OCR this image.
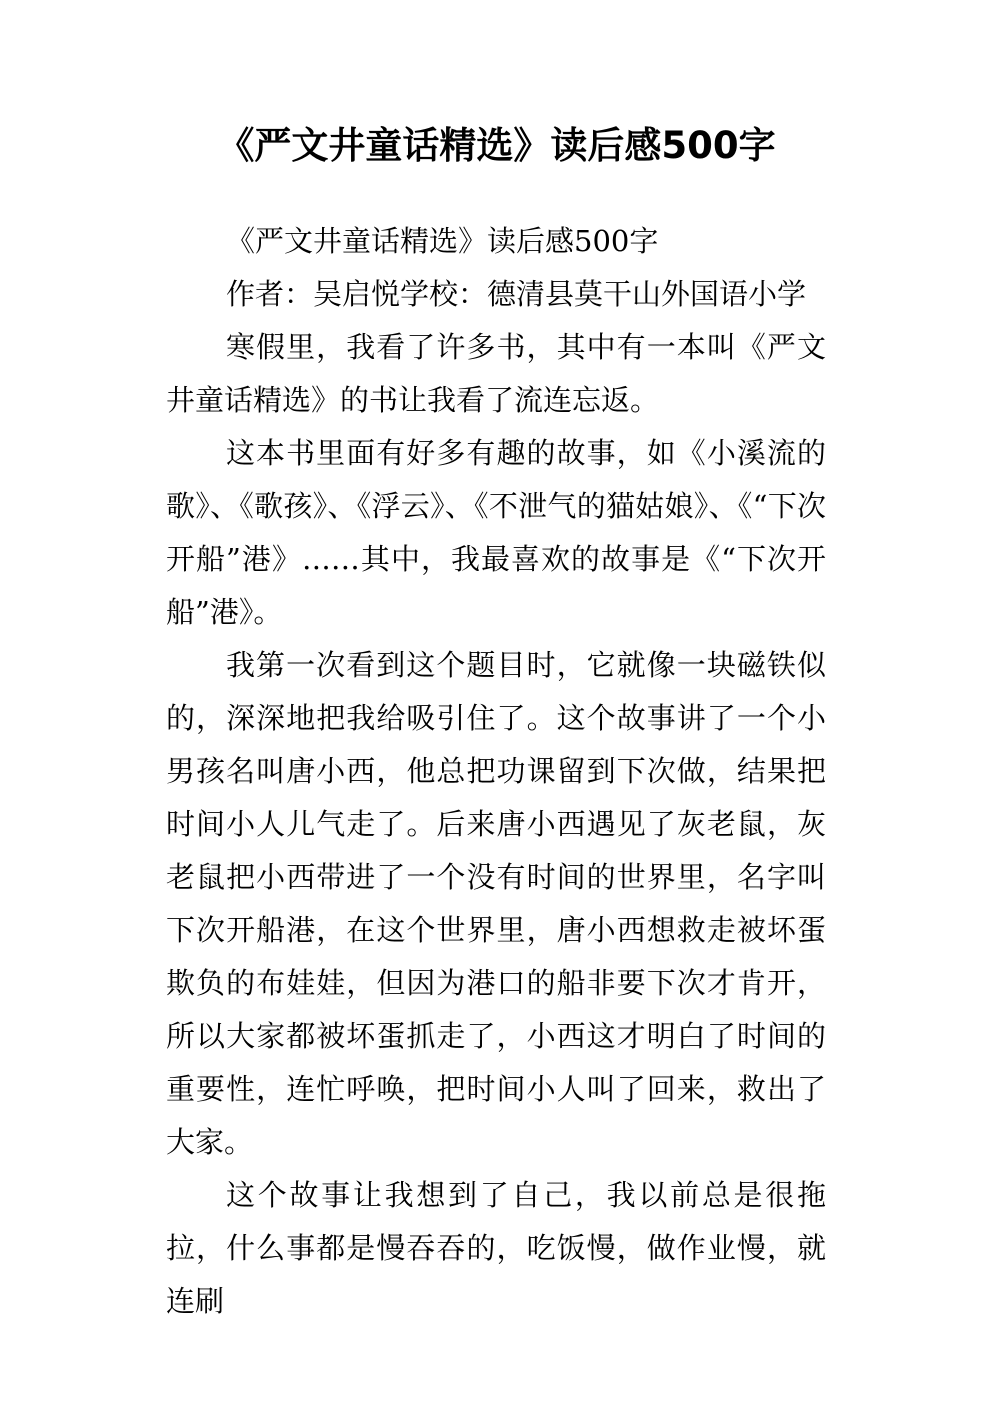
《严文井童话精选》读后感500字

《严文井童话精选》读后感500字

作者：吴启悦学校：德清县莫干山外国语小学

寒假里，我看了许多书，其中有一本叫《严文井童话精选》的书让我看了流连忘返。

这本书里面有好多有趣的故事，如《小溪流的歌》、《歌孩》、《浮云》、《不泄气的猫姑娘》、《“下次开船”港》……其中，我最喜欢的故事是《“下次开船”港》。

我第一次看到这个题目时，它就像一块磁铁似的，深深地把我给吸引住了。这个故事讲了一个小男孩名叫唐小西，他总把功课留到下次做，结果把时间小人儿气走了。后来唐小西遇见了灰老鼠，灰老鼠把小西带进了一个没有时间的世界里，名字叫下次开船港，在这个世界里，唐小西想救走被坏蛋欺负的布娃娃，但因为港口的船非要下次才肯开，所以大家都被坏蛋抓走了，小西这才明白了时间的重要性，连忙呼唤，把时间小人叫了回来，救出了大家。

这个故事让我想到了自己，我以前总是很拖拉，什么事都是慢吞吞的，吃饭慢，做作业慢，就连刷
